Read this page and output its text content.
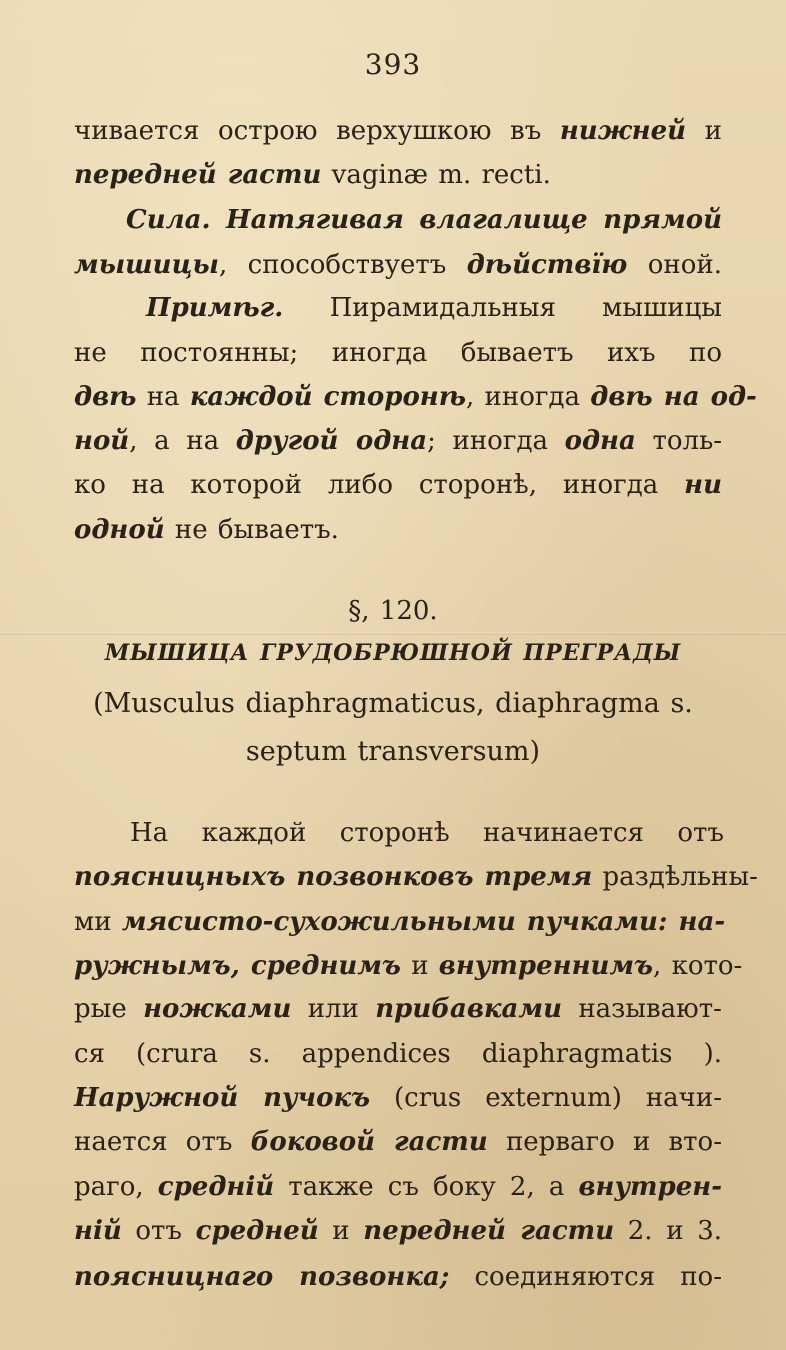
393
чивается острою верхушкою въ нижней и
передней гасти vaginæ m. recti.
Сила. Натягивая влагалище прямой
мышицы, способствуетъ дѣйствїю оной.
Примѣг. Пирамидальныя мышицы
не постоянны; иногда бываетъ ихъ по
двѣ на каждой сторонѣ, иногда двѣ на од-
ной, а на другой одна; иногда одна толь-
ко на которой либо сторонѣ, иногда ни
одной не бываетъ.
§, 120.
МЫШИЦА ГРУДОБРЮШНОЙ ПРЕГРАДЫ
(Musculus diaphragmaticus, diaphragma s.
septum transversum)
На каждой сторонѣ начинается отъ
поясницныхъ позвонковъ тремя раздѣльны-
ми мясисто-сухожильными пучками: на-
ружнымъ, среднимъ и внутреннимъ, кото-
рые ножками или прибавками называют-
ся (crura s. appendices diaphragmatis ).
Наружной пучокъ (crus externum) начи-
нается отъ боковой гасти перваго и вто-
раго, средній также съ боку 2, а внутрен-
ній отъ средней и передней гасти 2. и 3.
поясницнаго позвонка; соединяются по-
